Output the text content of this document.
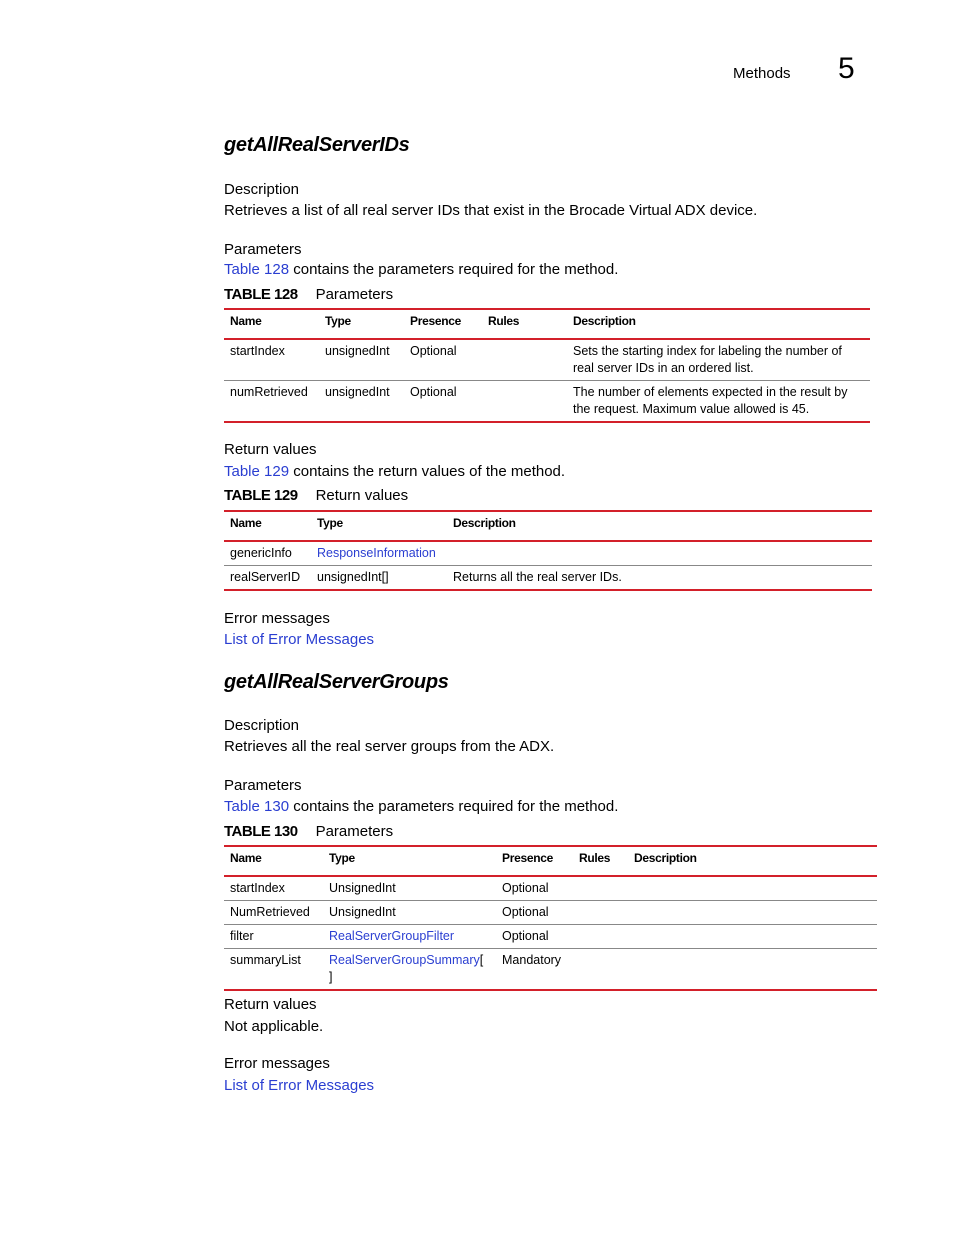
Methods 5
getAllRealServerIDs
Description
Retrieves a list of all real server IDs that exist in the Brocade Virtual ADX device.
Parameters
Table 128 contains the parameters required for the method.
TABLE 128 Parameters
Name	Type	Presence	Rules	Description
startIndex	unsignedInt	Optional		Sets the starting index for labeling the number of real server IDs in an ordered list.
numRetrieved	unsignedInt	Optional		The number of elements expected in the result by the request. Maximum value allowed is 45.
Return values
Table 129 contains the return values of the method.
TABLE 129 Return values
Name	Type	Description
genericInfo	ResponseInformation	
realServerID	unsignedInt[]	Returns all the real server IDs.
Error messages
List of Error Messages
getAllRealServerGroups
Description
Retrieves all the real server groups from the ADX.
Parameters
Table 130 contains the parameters required for the method.
TABLE 130 Parameters
Name	Type	Presence	Rules	Description
startIndex	UnsignedInt	Optional		
NumRetrieved	UnsignedInt	Optional		
filter	RealServerGroupFilter	Optional		
summaryList	RealServerGroupSummary[ ]	Mandatory		
Return values
Not applicable.
Error messages
List of Error Messages
